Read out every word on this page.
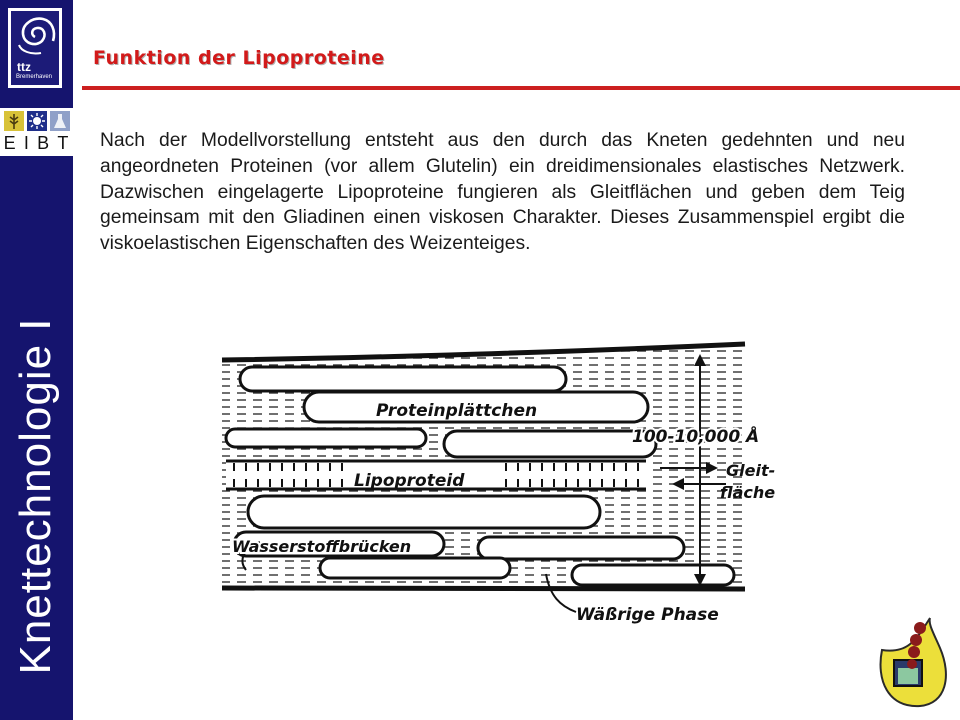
ttz
Bremerhaven
E I B T
Knettechnologie I
Funktion der Lipoproteine
Nach der Modellvorstellung entsteht aus den durch das Kneten gedehnten und neu angeordneten Proteinen (vor allem Glutelin) ein dreidimensionales elastisches Netzwerk. Dazwischen eingelagerte Lipoproteine fungieren als Gleitflächen und geben dem Teig gemeinsam mit den Gliadinen einen viskosen Charakter. Dieses Zusammenspiel ergibt die viskoelastischen Eigenschaften des Weizenteiges.
Proteinplättchen
100-10,000 Å
Lipoproteid
Gleit-
fläche
Wasserstoffbrücken
Wäßrige Phase
